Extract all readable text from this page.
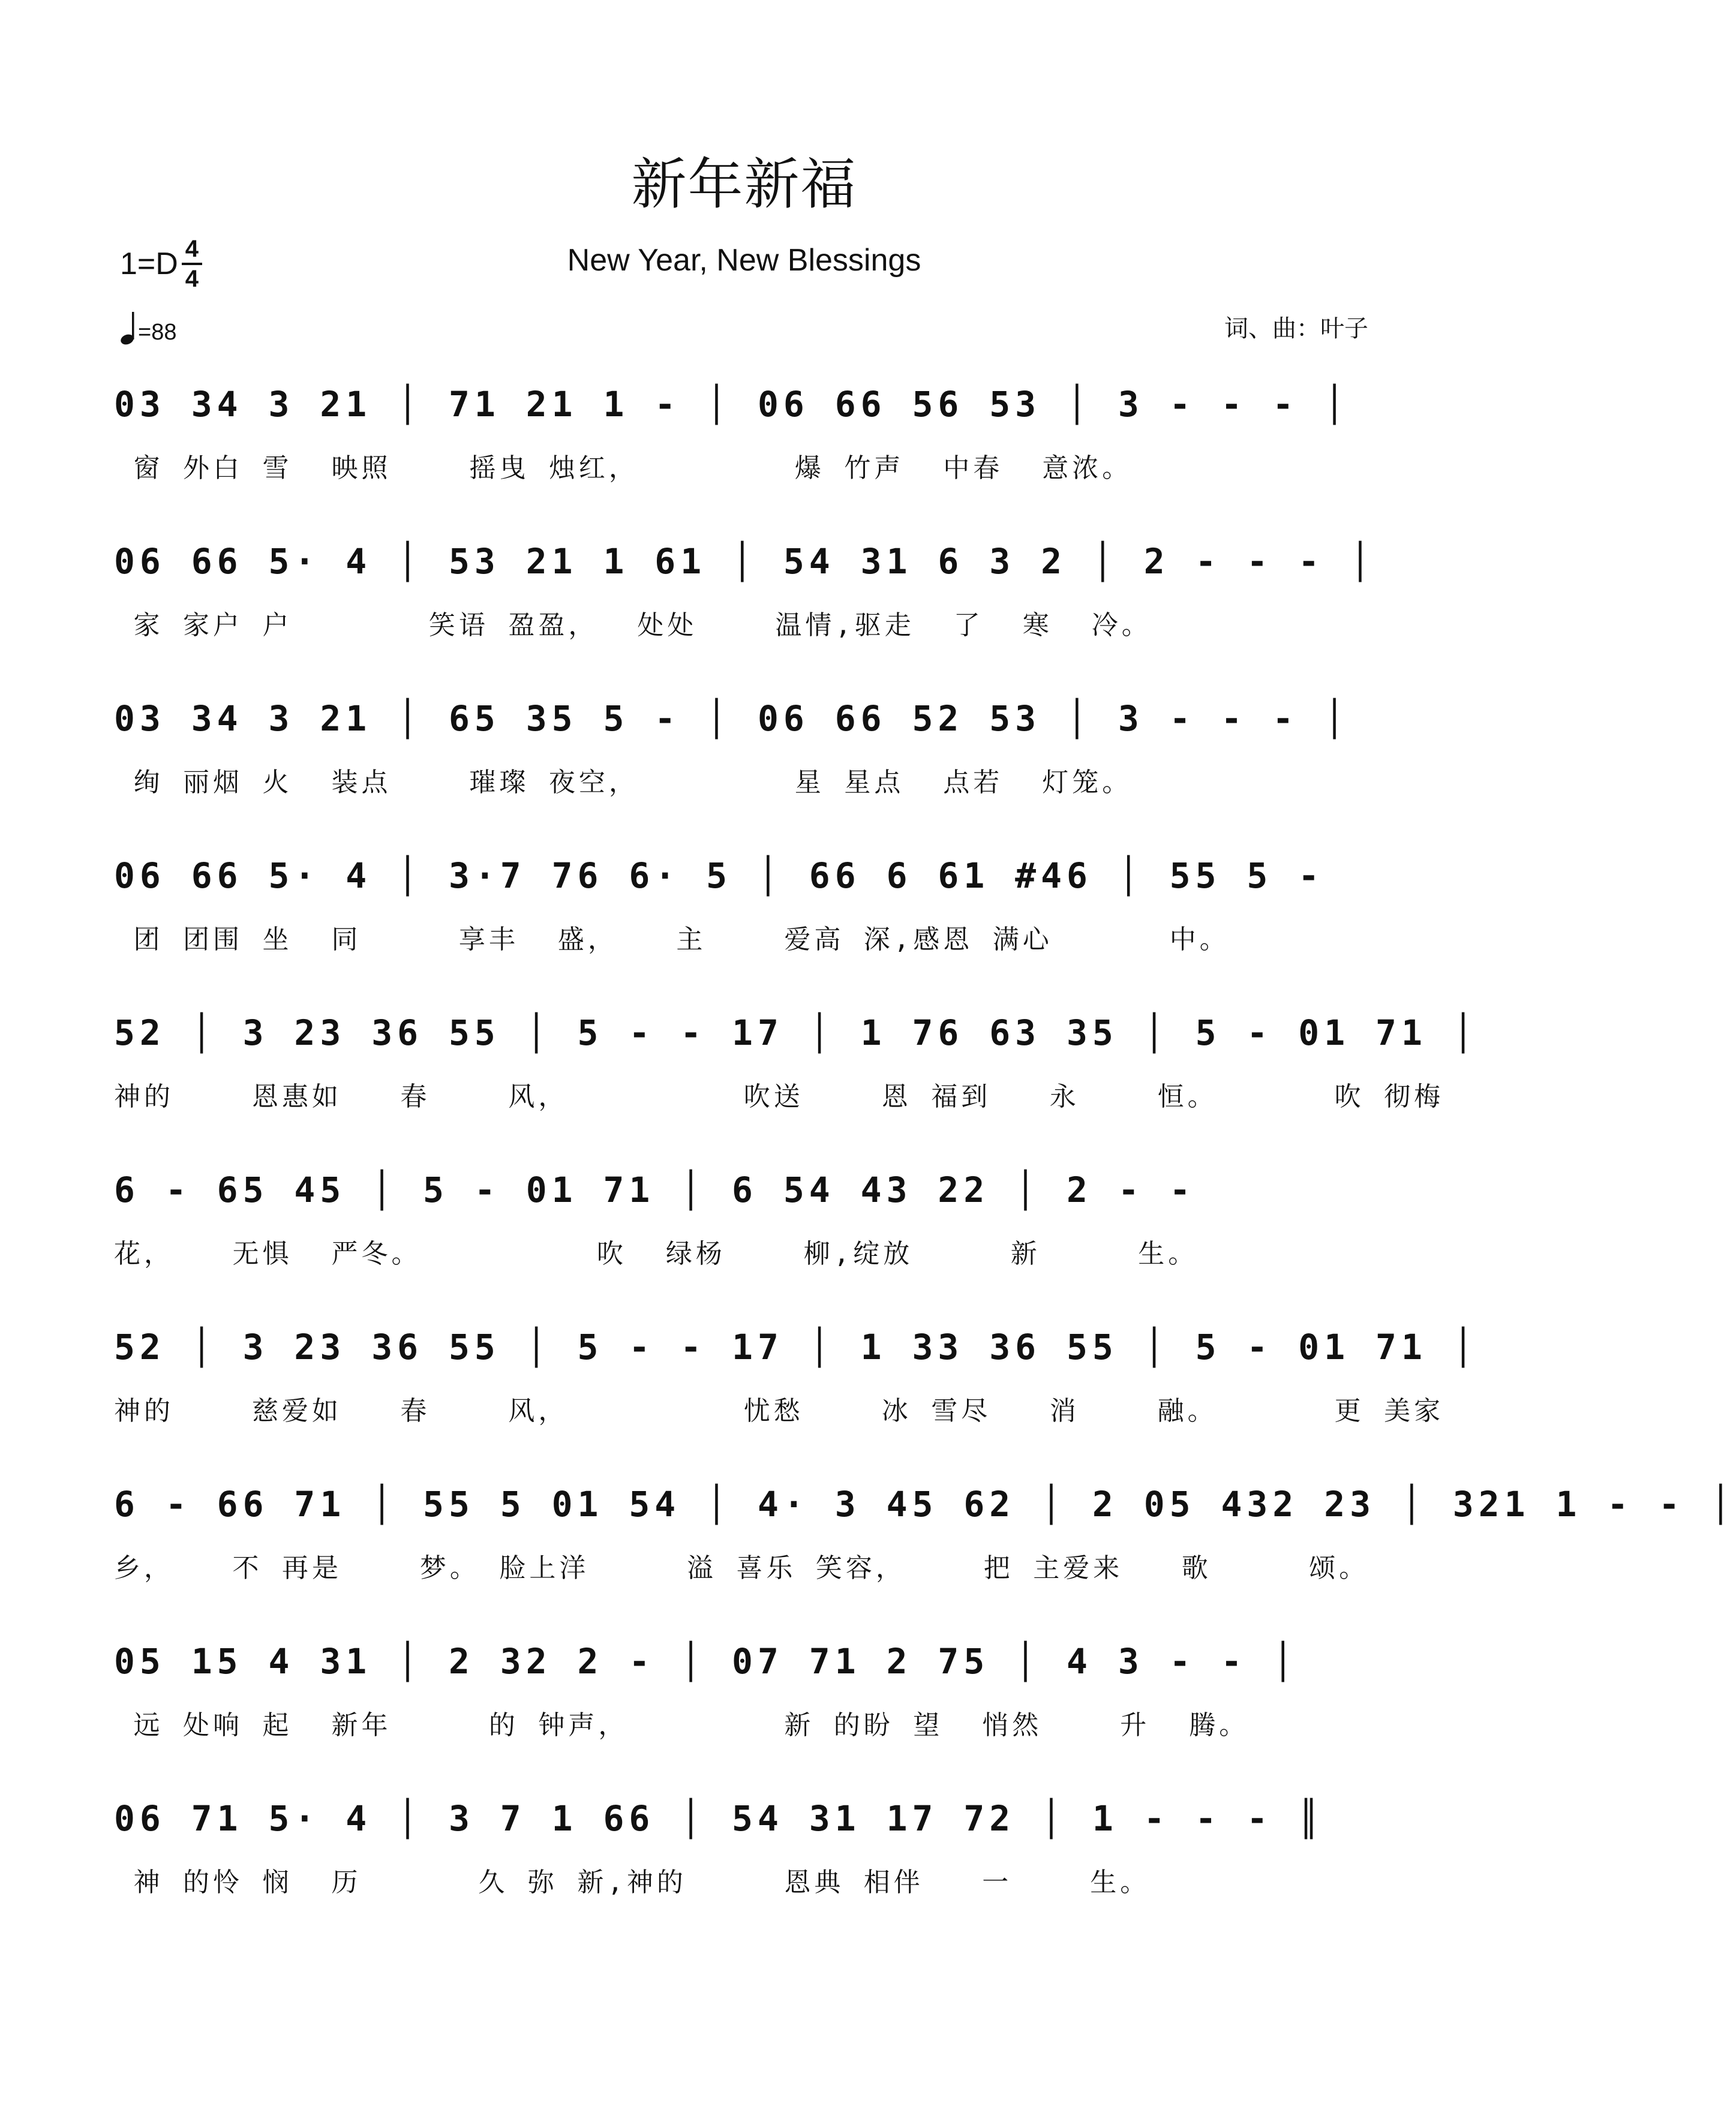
新年新福
New Year, New Blessings
1=D 4
4
=88	词、曲：叶子
03 34 3 21 │ 71 21 1 - │ 06 66 56 53 │ 3 - - - │
窗 外白 雪  映照    摇曳 烛红，        爆 竹声  中春  意浓。
06 66 5· 4 │ 53 21 1 61 │ 54 31 6 3 2 │ 2 - - - │
家 家户 户       笑语 盈盈，  处处    温情,驱走  了  寒  冷。
03 34 3 21 │ 65 35 5 - │ 06 66 52 53 │ 3 - - - │
绚 丽烟 火  装点    璀璨 夜空，        星 星点  点若  灯笼。
06 66 5· 4 │ 3·7 76 6· 5 │ 66 6 61 #46 │ 55 5 -
团 团围 坐  同     享丰  盛，   主    爱高 深,感恩 满心      中。
52 │ 3 23 36 55 │ 5 - - 17 │ 1 76 63 35 │ 5 - 01 71 │
神的    恩惠如   春    风，         吹送    恩 福到   永    恒。      吹 彻梅
6 - 65 45 │ 5 - 01 71 │ 6 54 43 22 │ 2 - -
花，   无惧  严冬。         吹  绿杨    柳,绽放     新     生。
52 │ 3 23 36 55 │ 5 - - 17 │ 1 33 36 55 │ 5 - 01 71 │
神的    慈爱如   春    风，         忧愁    冰 雪尽   消    融。      更 美家
6 - 66 71 │ 55 5 01 54 │ 4· 3 45 62 │ 2 05 432 23 │ 321 1 - - │
乡，   不 再是    梦。 脸上洋     溢 喜乐 笑容，    把 主爱来   歌     颂。
05 15 4 31 │ 2 32 2 - │ 07 71 2 75 │ 4 3 - - │
远 处响 起  新年     的 钟声，        新 的盼 望  悄然    升  腾。
06 71 5· 4 │ 3 7 1 66 │ 54 31 17 72 │ 1 - - - ║
神 的怜 悯  历      久 弥 新,神的     恩典 相伴   一    生。
